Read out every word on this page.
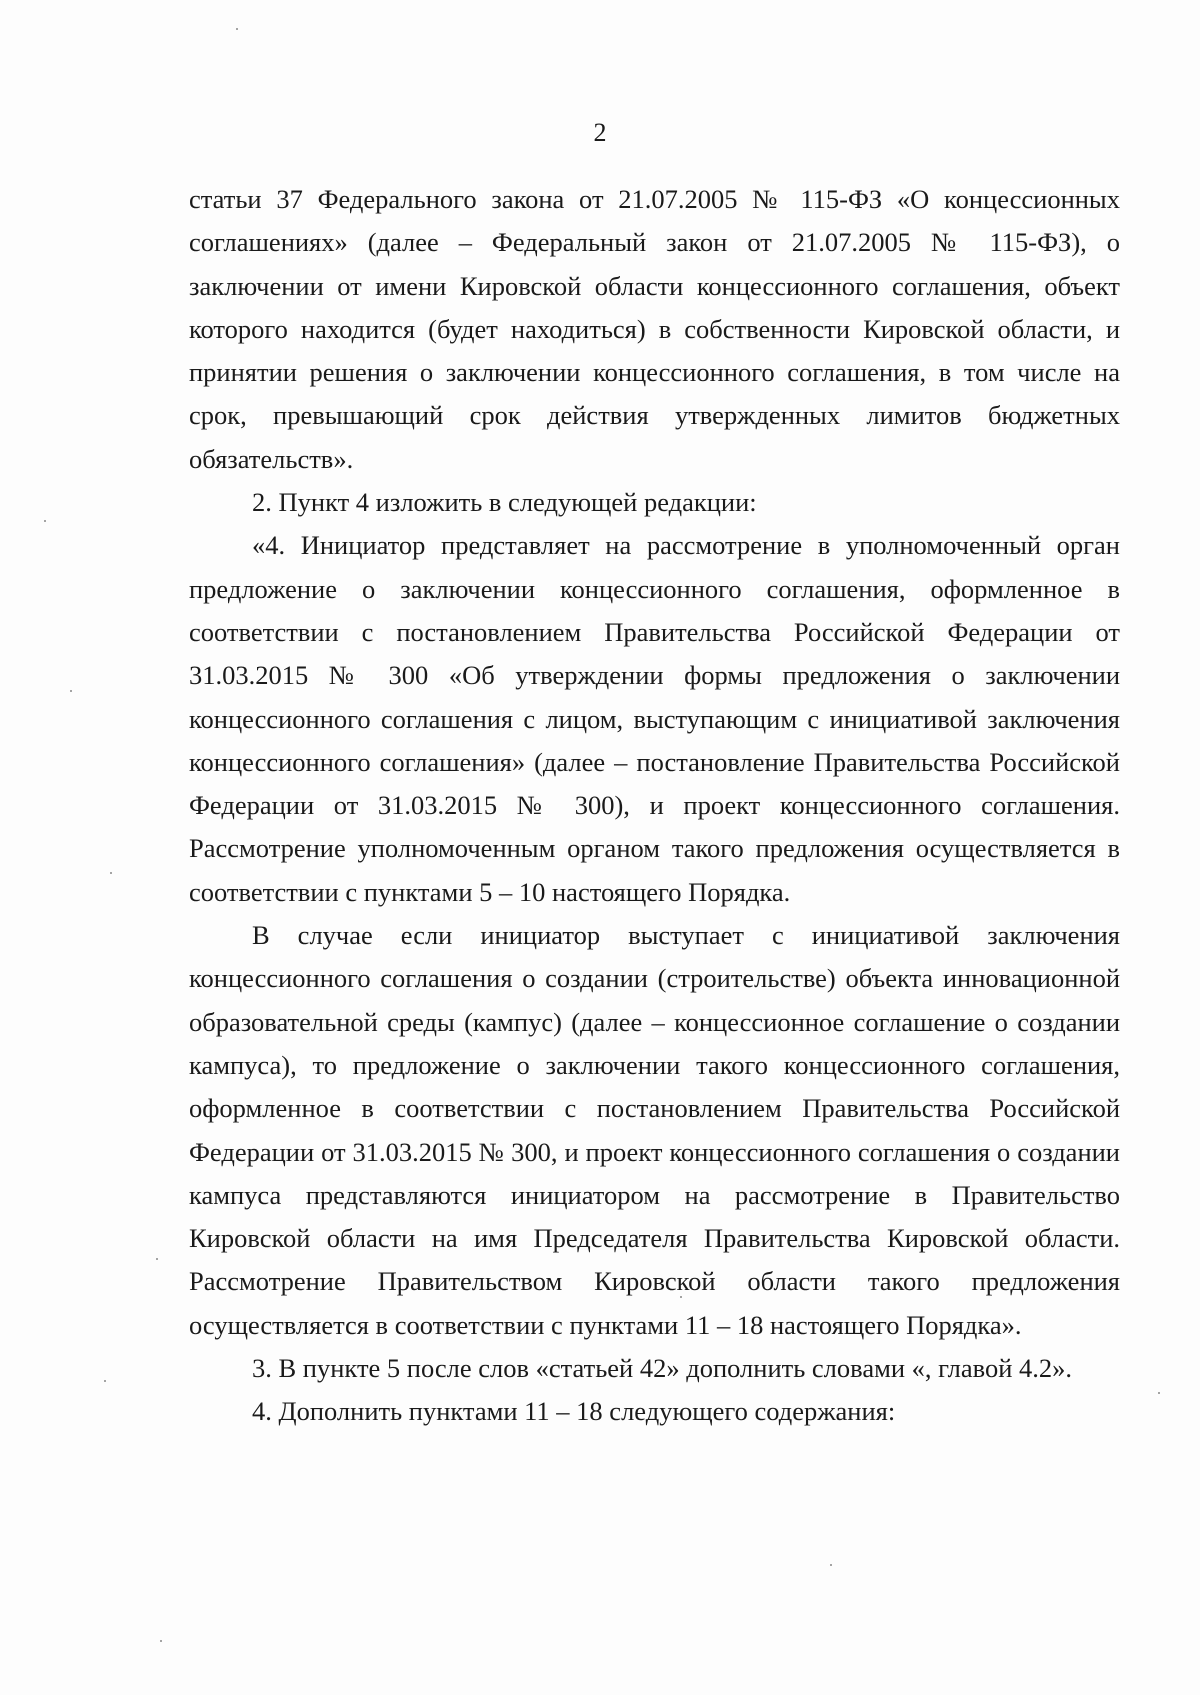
2

статьи 37 Федерального закона от 21.07.2005 № 115-ФЗ «О концессионных соглашениях» (далее – Федеральный закон от 21.07.2005 № 115-ФЗ), о заключении от имени Кировской области концессионного соглашения, объект которого находится (будет находиться) в собственности Кировской области, и принятии решения о заключении концессионного соглашения, в том числе на срок, превышающий срок действия утвержденных лимитов бюджетных обязательств».

2. Пункт 4 изложить в следующей редакции:

«4. Инициатор представляет на рассмотрение в уполномоченный орган предложение о заключении концессионного соглашения, оформленное в соответствии с постановлением Правительства Российской Федерации от 31.03.2015 № 300 «Об утверждении формы предложения о заключении концессионного соглашения с лицом, выступающим с инициативой заключения концессионного соглашения» (далее – постановление Правительства Российской Федерации от 31.03.2015 № 300), и проект концессионного соглашения. Рассмотрение уполномоченным органом такого предложения осуществляется в соответствии с пунктами 5 – 10 настоящего Порядка.

В случае если инициатор выступает с инициативой заключения концессионного соглашения о создании (строительстве) объекта инновационной образовательной среды (кампус) (далее – концессионное соглашение о создании кампуса), то предложение о заключении такого концессионного соглашения, оформленное в соответствии с постановлением Правительства Российской Федерации от 31.03.2015 № 300, и проект концессионного соглашения о создании кампуса представляются инициатором на рассмотрение в Правительство Кировской области на имя Председателя Правительства Кировской области. Рассмотрение Правительством Кировской области такого предложения осуществляется в соответствии с пунктами 11 – 18 настоящего Порядка».

3. В пункте 5 после слов «статьей 42» дополнить словами «, главой 4.2».

4. Дополнить пунктами 11 – 18 следующего содержания:
